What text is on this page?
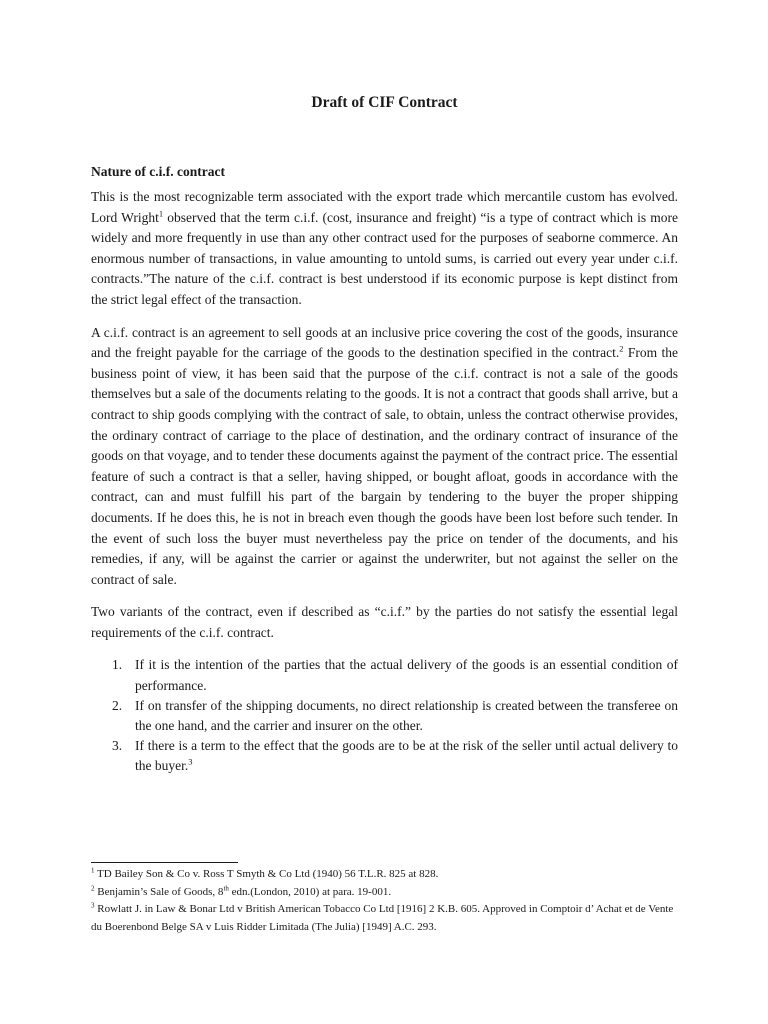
Draft of CIF Contract
Nature of c.i.f. contract

This is the most recognizable term associated with the export trade which mercantile custom has evolved. Lord Wright$^1$ observed that the term c.i.f. (cost, insurance and freight) “is a type of contract which is more widely and more frequently in use than any other contract used for the purposes of seaborne commerce. An enormous number of transactions, in value amounting to untold sums, is carried out every year under c.i.f. contracts.”The nature of the c.i.f. contract is best understood if its economic purpose is kept distinct from the strict legal effect of the transaction.

A c.i.f. contract is an agreement to sell goods at an inclusive price covering the cost of the goods, insurance and the freight payable for the carriage of the goods to the destination specified in the contract.$^2$ From the business point of view, it has been said that the purpose of the c.i.f. contract is not a sale of the goods themselves but a sale of the documents relating to the goods. It is not a contract that goods shall arrive, but a contract to ship goods complying with the contract of sale, to obtain, unless the contract otherwise provides, the ordinary contract of carriage to the place of destination, and the ordinary contract of insurance of the goods on that voyage, and to tender these documents against the payment of the contract price. The essential feature of such a contract is that a seller, having shipped, or bought afloat, goods in accordance with the contract, can and must fulfill his part of the bargain by tendering to the buyer the proper shipping documents. If he does this, he is not in breach even though the goods have been lost before such tender. In the event of such loss the buyer must nevertheless pay the price on tender of the documents, and his remedies, if any, will be against the carrier or against the underwriter, but not against the seller on the contract of sale.

Two variants of the contract, even if described as “c.i.f.” by the parties do not satisfy the essential legal requirements of the c.i.f. contract.

1. If it is the intention of the parties that the actual delivery of the goods is an essential condition of performance.
2. If on transfer of the shipping documents, no direct relationship is created between the transferee on the one hand, and the carrier and insurer on the other.
3. If there is a term to the effect that the goods are to be at the risk of the seller until actual delivery to the buyer.$^3$

$^1$ TD Bailey Son & Co v. Ross T Smyth & Co Ltd (1940) 56 T.L.R. 825 at 828.

$^2$ Benjamin’s Sale of Goods, 8th edn.(London, 2010) at para. 19-001.

$^3$ Rowlatt J. in Law & Bonar Ltd v British American Tobacco Co Ltd [1916] 2 K.B. 605. Approved in Comptoir d’ Achat et de Vente du Boerenbond Belge SA v Luis Ridder Limitada (The Julia) [1949] A.C. 293.
